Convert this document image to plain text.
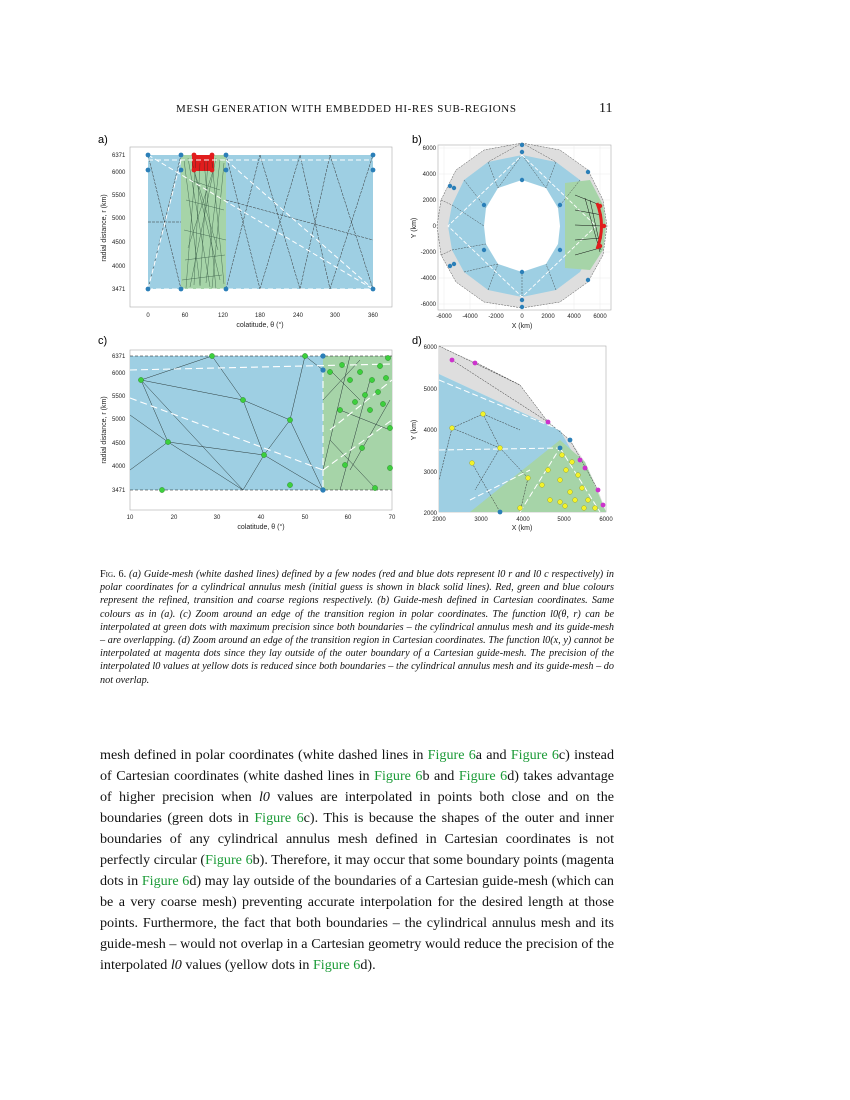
MESH GENERATION WITH EMBEDDED HI-RES SUB-REGIONS	11
a)
6371
6000
5500
5000
4500
4000
3471
0	60	120	180	240	300	360
colatitude, θ (°)
radial distance, r (km)
b)
6000
4000
2000
0
-2000
-4000
-6000
-6000 -4000 -2000	0	2000 4000 6000
X (km)
Y (km)
c)
6371
6000
5500
5000
4500
4000
3471
10	20	30	40	50	60	70
colatitude, θ (°)
radial distance, r (km)
d)
6000
5000
4000
3000
2000
2000	3000	4000	5000	6000
X (km)
Y (km)
Fig. 6. (a) Guide-mesh (white dashed lines) defined by a few nodes (red and blue dots represent l0 r and l0 c respectively) in polar coordinates for a cylindrical annulus mesh (initial guess is shown in black solid lines). Red, green and blue colours represent the refined, transition and coarse regions respectively. (b) Guide-mesh defined in Cartesian coordinates. Same colours as in (a). (c) Zoom around an edge of the transition region in polar coordinates. The function l0(θ, r) can be interpolated at green dots with maximum precision since both boundaries – the cylindrical annulus mesh and its guide-mesh – are overlapping. (d) Zoom around an edge of the transition region in Cartesian coordinates. The function l0(x, y) cannot be interpolated at magenta dots since they lay outside of the outer boundary of a Cartesian guide-mesh. The precision of the interpolated l0 values at yellow dots is reduced since both boundaries – the cylindrical annulus mesh and its guide-mesh – do not overlap.
mesh defined in polar coordinates (white dashed lines in Figure 6a and Figure 6c) instead of Cartesian coordinates (white dashed lines in Figure 6b and Figure 6d) takes advantage of higher precision when l0 values are interpolated in points both close and on the boundaries (green dots in Figure 6c). This is because the shapes of the outer and inner boundaries of any cylindrical annulus mesh defined in Cartesian coordinates is not perfectly circular (Figure 6b). Therefore, it may occur that some boundary points (magenta dots in Figure 6d) may lay outside of the boundaries of a Cartesian guide-mesh (which can be a very coarse mesh) preventing accurate interpolation for the desired length at those points. Furthermore, the fact that both boundaries – the cylindrical annulus mesh and its guide-mesh – would not overlap in a Cartesian geometry would reduce the precision of the interpolated l0 values (yellow dots in Figure 6d).
